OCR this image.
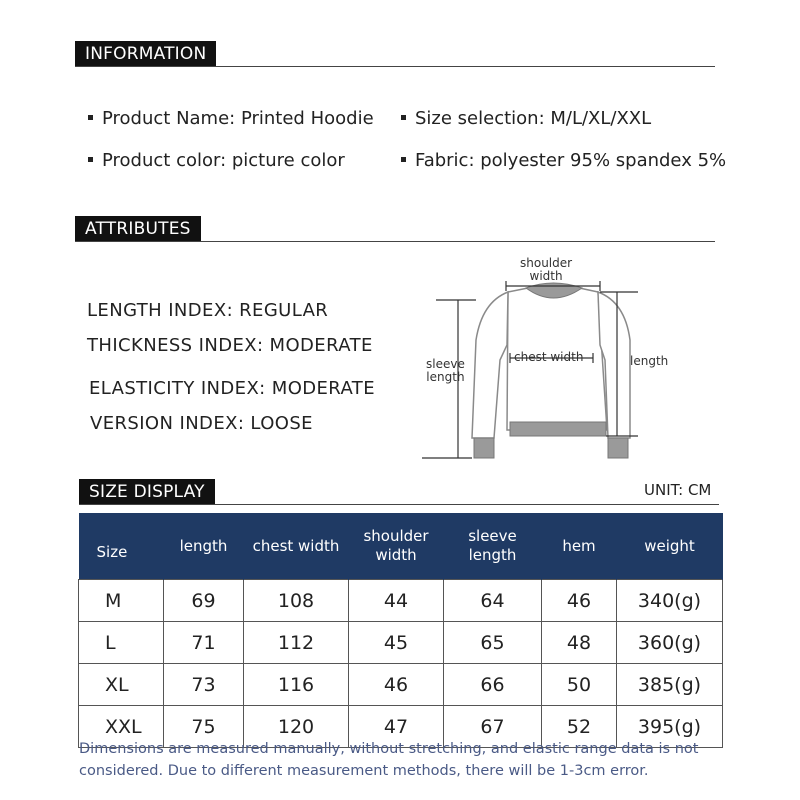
INFORMATION
Product Name: Printed Hoodie	Size selection: M/L/XL/XXL
Product color: picture color	Fabric: polyester 95% spandex 5%
ATTRIBUTES
LENGTH INDEX: REGULAR
THICKNESS INDEX: MODERATE
ELASTICITY INDEX: MODERATE
VERSION INDEX: LOOSE
shoulder
width
chest width
sleeve
length
length
SIZE DISPLAY	UNIT: CM
Size	length	chest width	shoulder width	sleeve length	hem	weight
M	69	108	44	64	46	340(g)
L	71	112	45	65	48	360(g)
XL	73	116	46	66	50	385(g)
XXL	75	120	47	67	52	395(g)
Dimensions are measured manually, without stretching, and elastic range data is not considered. Due to different measurement methods, there will be 1-3cm error.
